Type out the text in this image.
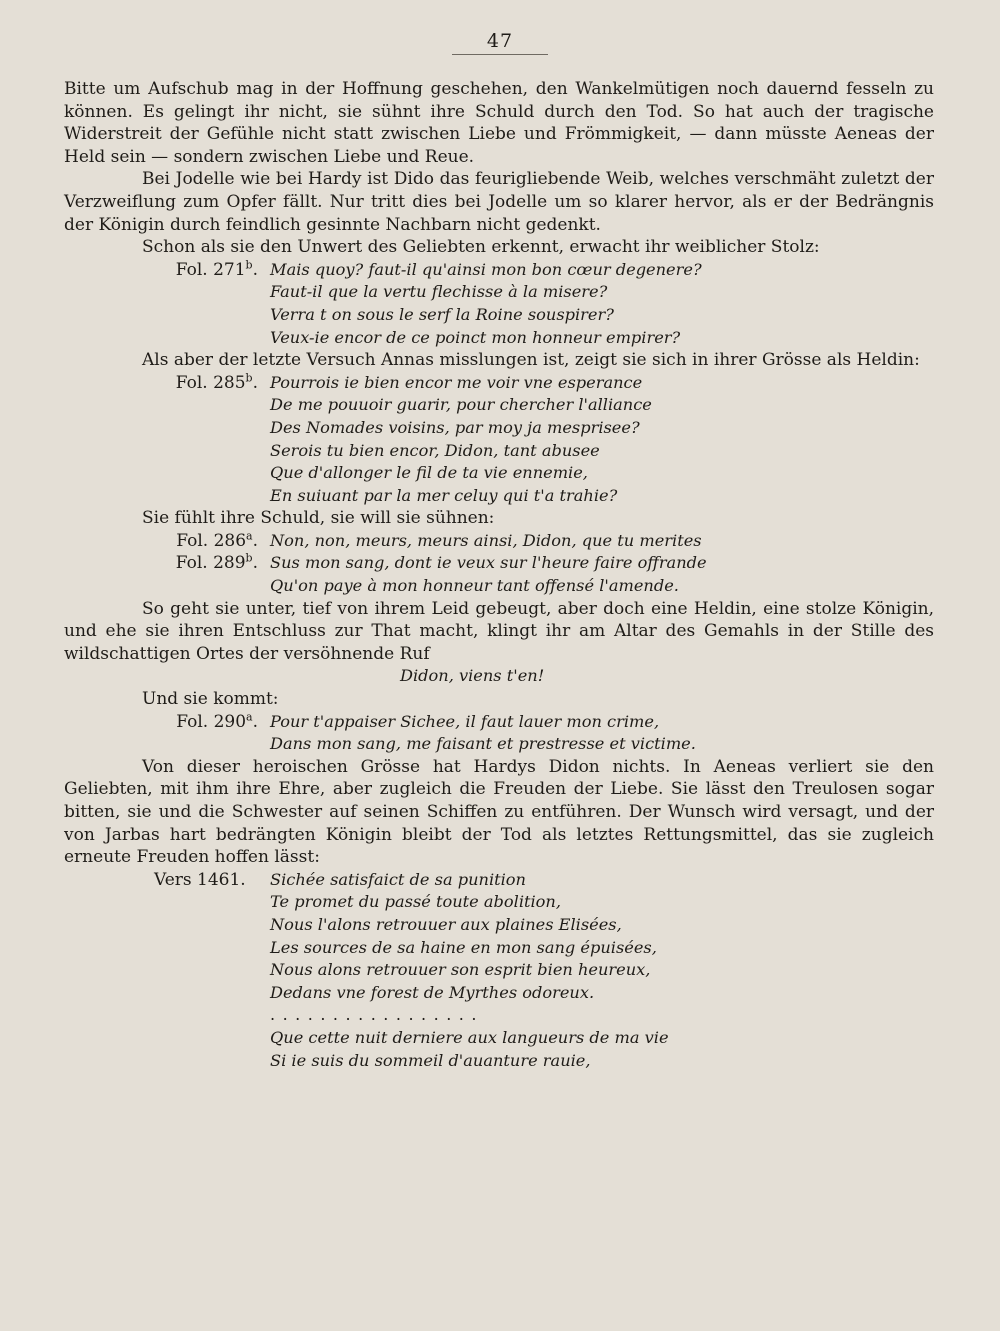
47

Bitte um Aufschub mag in der Hoffnung geschehen, den Wankelmütigen noch dauernd fesseln zu können. Es gelingt ihr nicht, sie sühnt ihre Schuld durch den Tod. So hat auch der tragische Widerstreit der Gefühle nicht statt zwischen Liebe und Frömmigkeit, — dann müsste Aeneas der Held sein — sondern zwischen Liebe und Reue.

Bei Jodelle wie bei Hardy ist Dido das feurigliebende Weib, welches verschmäht zuletzt der Verzweiflung zum Opfer fällt. Nur tritt dies bei Jodelle um so klarer hervor, als er der Bedrängnis der Königin durch feindlich gesinnte Nachbarn nicht gedenkt.

Schon als sie den Unwert des Geliebten erkennt, erwacht ihr weiblicher Stolz:

Fol. 271$^b$. Mais quoy? faut-il qu'ainsi mon bon cœur degenere?
Faut-il que la vertu flechisse à la misere?
Verra t on sous le serf la Roine souspirer?
Veux-ie encor de ce poinct mon honneur empirer?

Als aber der letzte Versuch Annas misslungen ist, zeigt sie sich in ihrer Grösse als Heldin:

Fol. 285$^b$. Pourrois ie bien encor me voir vne esperance
De me pouuoir guarir, pour chercher l'alliance
Des Nomades voisins, par moy ja mesprisee?
Serois tu bien encor, Didon, tant abusee
Que d'allonger le fil de ta vie ennemie,
En suiuant par la mer celuy qui t'a trahie?

Sie fühlt ihre Schuld, sie will sie sühnen:

Fol. 286$^a$. Non, non, meurs, meurs ainsi, Didon, que tu merites
Fol. 289$^b$. Sus mon sang, dont ie veux sur l'heure faire offrande
Qu'on paye à mon honneur tant offensé l'amende.

So geht sie unter, tief von ihrem Leid gebeugt, aber doch eine Heldin, eine stolze Königin, und ehe sie ihren Entschluss zur That macht, klingt ihr am Altar des Gemahls in der Stille des wildschattigen Ortes der versöhnende Ruf

Didon, viens t'en!

Und sie kommt:

Fol. 290$^a$. Pour t'appaiser Sichee, il faut lauer mon crime,
Dans mon sang, me faisant et prestresse et victime.

Von dieser heroischen Grösse hat Hardys Didon nichts. In Aeneas verliert sie den Geliebten, mit ihm ihre Ehre, aber zugleich die Freuden der Liebe. Sie lässt den Treulosen sogar bitten, sie und die Schwester auf seinen Schiffen zu entführen. Der Wunsch wird versagt, und der von Jarbas hart bedrängten Königin bleibt der Tod als letztes Rettungsmittel, das sie zugleich erneute Freuden hoffen lässt:

Vers 1461.	Sichée satisfaict de sa punition
Te promet du passé toute abolition,
Nous l'alons retrouuer aux plaines Elisées,
Les sources de sa haine en mon sang épuisées,
Nous alons retrouuer son esprit bien heureux,
Dedans vne forest de Myrthes odoreux.
.................
Que cette nuit derniere aux langueurs de ma vie
Si ie suis du sommeil d'auanture rauie,
